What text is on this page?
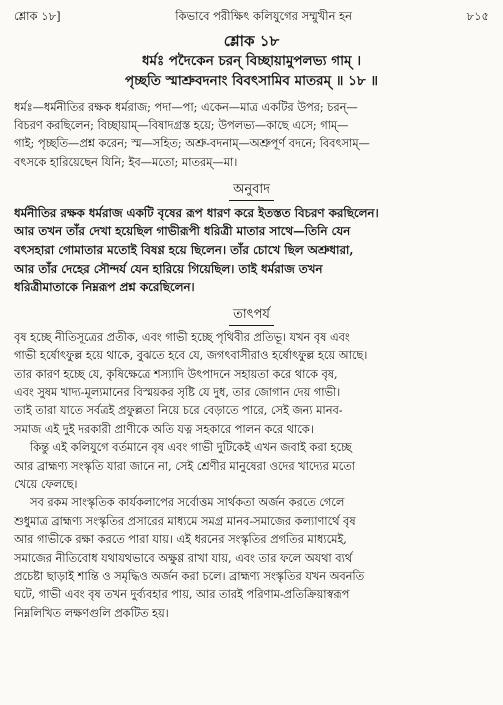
শ্লোক ১৮]	কিভাবে পরীক্ষিৎ কলিযুগের সম্মুখীন হন	৮১৫
শ্লোক ১৮
ধর্মঃ পদৈকেন চরন্ বিচ্ছায়ামুপলভ্য গাম্ ।
পৃচ্ছতি স্মাশ্রুবদনাং বিবৎসামিব মাতরম্ ॥ ১৮ ॥
ধর্মঃ—ধর্মনীতির রক্ষক ধর্মরাজ; পদা—পা; একেন—মাত্র একটির উপর; চরন্—
বিচরণ করছিলেন; বিচ্ছায়াম্—বিষাদগ্রস্ত হয়ে; উপলভ্য—কাছে এসে; গাম্—
গাই; পৃচ্ছতি—প্রশ্ন করেন; স্ম—সহিত; অশ্রু-বদনাম্—অশ্রুপূর্ণ বদনে; বিবৎসাম্—
বৎসকে হারিয়েছেন যিনি; ইব—মতো; মাতরম্—মা।
অনুবাদ
ধর্মনীতির রক্ষক ধর্মরাজ একটি বৃষের রূপ ধারণ করে ইতস্তত বিচরণ করছিলেন।
আর তখন তাঁর দেখা হয়েছিল গাভীরূপী ধরিত্রী মাতার সাথে—তিনি যেন
বৎসহারা গোমাতার মতোই বিষণ্ণ হয়ে ছিলেন। তাঁর চোখে ছিল অশ্রুধারা,
আর তাঁর দেহের সৌন্দর্য যেন হারিয়ে গিয়েছিল। তাই ধর্মরাজ তখন
ধরিত্রীমাতাকে নিম্নরূপ প্রশ্ন করেছিলেন।
তাৎপর্য
বৃষ হচ্ছে নীতিসূত্রের প্রতীক, এবং গাভী হচ্ছে পৃথিবীর প্রতিভূ। যখন বৃষ এবং
গাভী হর্ষোৎফুল্ল হয়ে থাকে, বুঝতে হবে যে, জগৎবাসীরাও হর্ষোৎফুল্ল হয়ে আছে।
তার কারণ হচ্ছে যে, কৃষিক্ষেত্রে শস্যাদি উৎপাদনে সহায়তা করে থাকে বৃষ,
এবং সুষম খাদ্য-মূল্যমানের বিস্ময়কর সৃষ্টি যে দুধ, তার জোগান দেয় গাভী।
তাই তারা যাতে সর্বত্রই প্রফুল্লতা নিয়ে চরে বেড়াতে পারে, সেই জন্য মানব-
সমাজ এই দুই দরকারী প্রাণীকে অতি যত্ন সহকারে পালন করে থাকে।
কিন্তু এই কলিযুগে বর্তমানে বৃষ এবং গাভী দুটিকেই এখন জবাই করা হচ্ছে
আর ব্রাহ্মণ্য সংস্কৃতি যারা জানে না, সেই শ্রেণীর মানুষেরা ওদের খাদ্যের মতো
খেয়ে ফেলছে।
সব রকম সাংস্কৃতিক কার্যকলাপের সর্বোত্তম সার্থকতা অর্জন করতে গেলে
শুধুমাত্র ব্রাহ্মণ্য সংস্কৃতির প্রসারের মাধ্যমে সমগ্র মানব-সমাজের কল্যাণার্থে বৃষ
আর গাভীকে রক্ষা করতে পারা যায়। এই ধরনের সংস্কৃতির প্রগতির মাধ্যমেই,
সমাজের নীতিবোধ যথাযথভাবে অক্ষুণ্ণ রাখা যায়, এবং তার ফলে অযথা ব্যর্থ
প্রচেষ্টা ছাড়াই শান্তি ও সমৃদ্ধিও অর্জন করা চলে। ব্রাহ্মণ্য সংস্কৃতির যখন অবনতি
ঘটে, গাভী এবং বৃষ তখন দুর্ব্যবহার পায়, আর তারই পরিণাম-প্রতিক্রিয়াস্বরূপ
নিম্নলিখিত লক্ষণগুলি প্রকটিত হয়।
